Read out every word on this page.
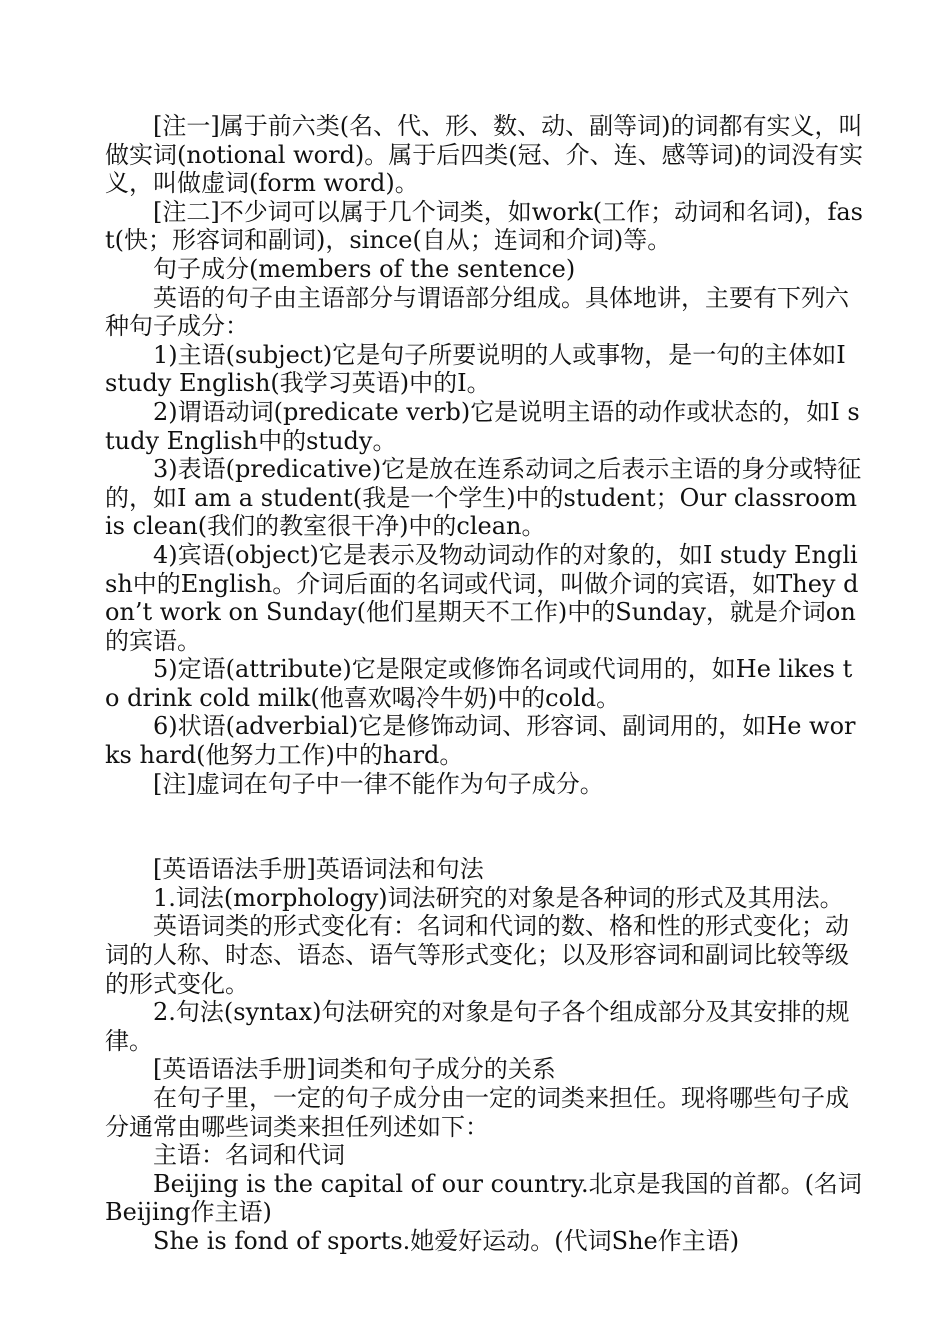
[注一]属于前六类(名、代、形、数、动、副等词)的词都有实义，叫做实词(notional word)。属于后四类(冠、介、连、感等词)的词没有实义，叫做虚词(form word)。

[注二]不少词可以属于几个词类，如work(工作；动词和名词)，fast(快；形容词和副词)，since(自从；连词和介词)等。

句子成分(members of the sentence)

英语的句子由主语部分与谓语部分组成。具体地讲，主要有下列六种句子成分：

1)主语(subject)它是句子所要说明的人或事物，是一句的主体如I study English(我学习英语)中的I。

2)谓语动词(predicate verb)它是说明主语的动作或状态的，如I study English中的study。

3)表语(predicative)它是放在连系动词之后表示主语的身分或特征的，如I am a student(我是一个学生)中的student；Our classroom is clean(我们的教室很干净)中的clean。

4)宾语(object)它是表示及物动词动作的对象的，如I study English中的English。介词后面的名词或代词，叫做介词的宾语，如They don’t work on Sunday(他们星期天不工作)中的Sunday，就是介词on的宾语。

5)定语(attribute)它是限定或修饰名词或代词用的，如He likes to drink cold milk(他喜欢喝冷牛奶)中的cold。

6)状语(adverbial)它是修饰动词、形容词、副词用的，如He works hard(他努力工作)中的hard。

[注]虚词在句子中一律不能作为句子成分。

[英语语法手册]英语词法和句法

1.词法(morphology)词法研究的对象是各种词的形式及其用法。

英语词类的形式变化有：名词和代词的数、格和性的形式变化；动词的人称、时态、语态、语气等形式变化；以及形容词和副词比较等级的形式变化。

2.句法(syntax)句法研究的对象是句子各个组成部分及其安排的规律。

[英语语法手册]词类和句子成分的关系

在句子里，一定的句子成分由一定的词类来担任。现将哪些句子成分通常由哪些词类来担任列述如下：

主语：名词和代词

Beijing is the capital of our country.北京是我国的首都。(名词Beijing作主语)

She is fond of sports.她爱好运动。(代词She作主语)
